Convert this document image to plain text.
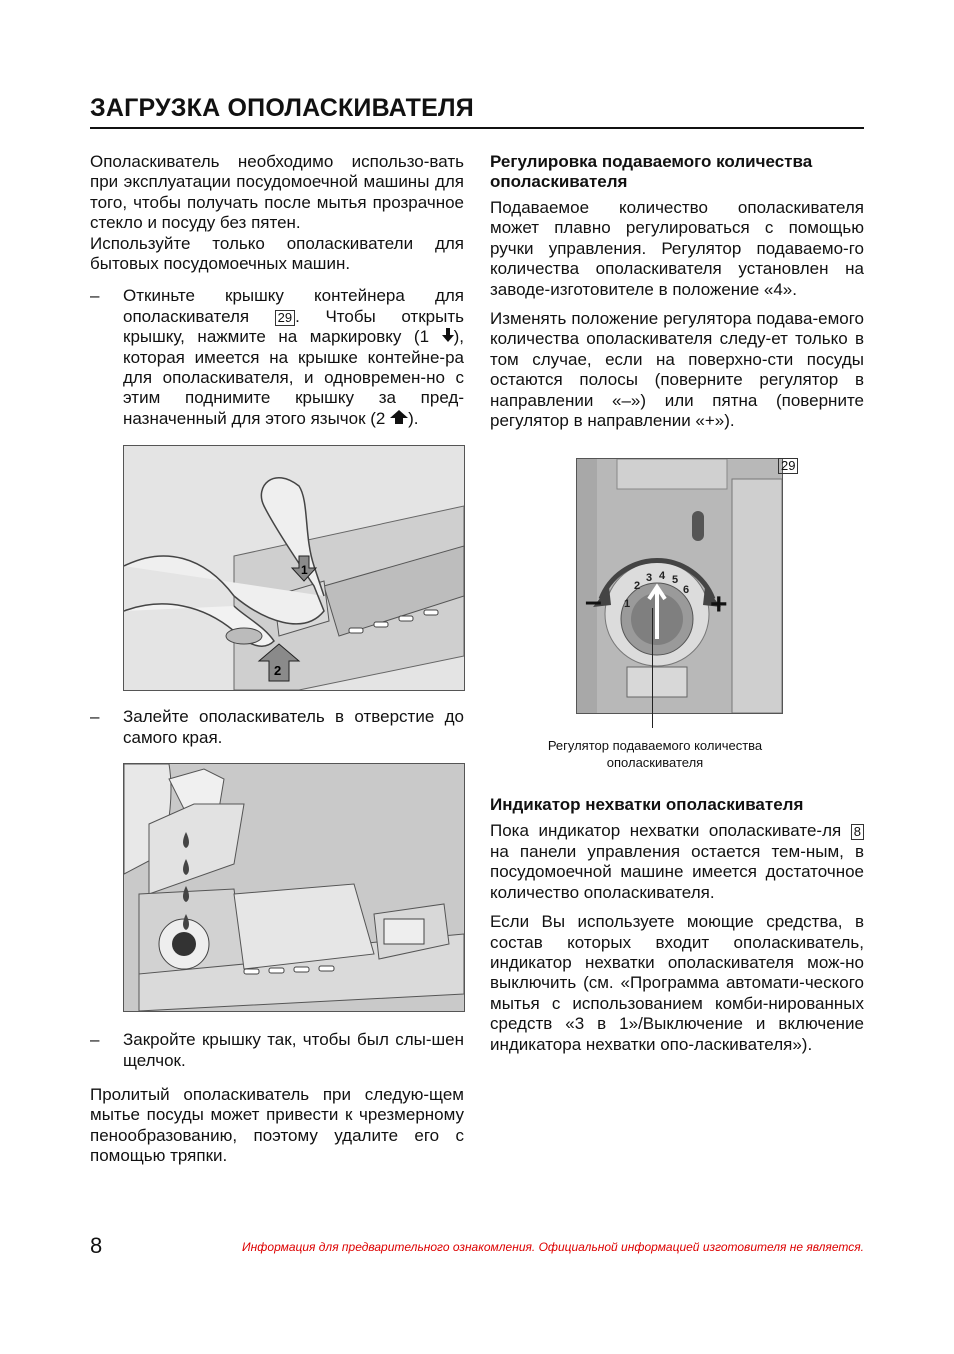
ЗАГРУЗКА ОПОЛАСКИВАТЕЛЯ

Ополаскиватель необходимо использо-вать при эксплуатации посудомоечной машины для того, чтобы получать после мытья прозрачное стекло и посуду без пятен.

Используйте только ополаскиватели для бытовых посудомоечных машин.

–	Откиньте крышку контейнера для ополаскивателя 29 . Чтобы открыть крышку, нажмите на маркировку (1 ), которая имеется на крышке контейне-ра для ополаскивателя, и одновремен-но с этим поднимите крышку за пред-назначенный для этого язычок (2 ).
1
2
–	Залейте ополаскиватель в отверстие до самого края.
–	Закройте крышку так, чтобы был слы-шен щелчок.

Пролитый ополаскиватель при следую-щем мытье посуды может привести к чрезмерному пенообразованию, поэтому удалите его с помощью тряпки.

Регулировка подаваемого количества ополаскивателя

Подаваемое количество ополаскивателя может плавно регулироваться с помощью ручки управления. Регулятор подаваемо-го количества ополаскивателя установлен на заводе-изготовителе в положение «4».

Изменять положение регулятора подава-емого количества ополаскивателя следу-ет только в том случае, если на поверхно-сти посуды остаются полосы (поверните регулятор в направлении «–») или пятна (поверните регулятор в направлении «+»).

1
2
3 4 5
6
–	+
29
Регулятор подаваемого количества ополаскивателя
Индикатор нехватки ополаскивателя

Пока индикатор нехватки ополаскивате-ля 8 на панели управления остается тем-ным, в посудомоечной машине имеется достаточное количество ополаскивателя.

Если Вы используете моющие средства, в состав которых входит ополаскиватель, индикатор нехватки ополаскивателя мож-но выключить (см. «Программа автомати-ческого мытья с использованием комби-нированных средств «3 в 1»/Выключение и включение индикатора нехватки опо-ласкивателя»).

8	Информация для предварительного ознакомления. Официальной информацией изготовителя не является.
